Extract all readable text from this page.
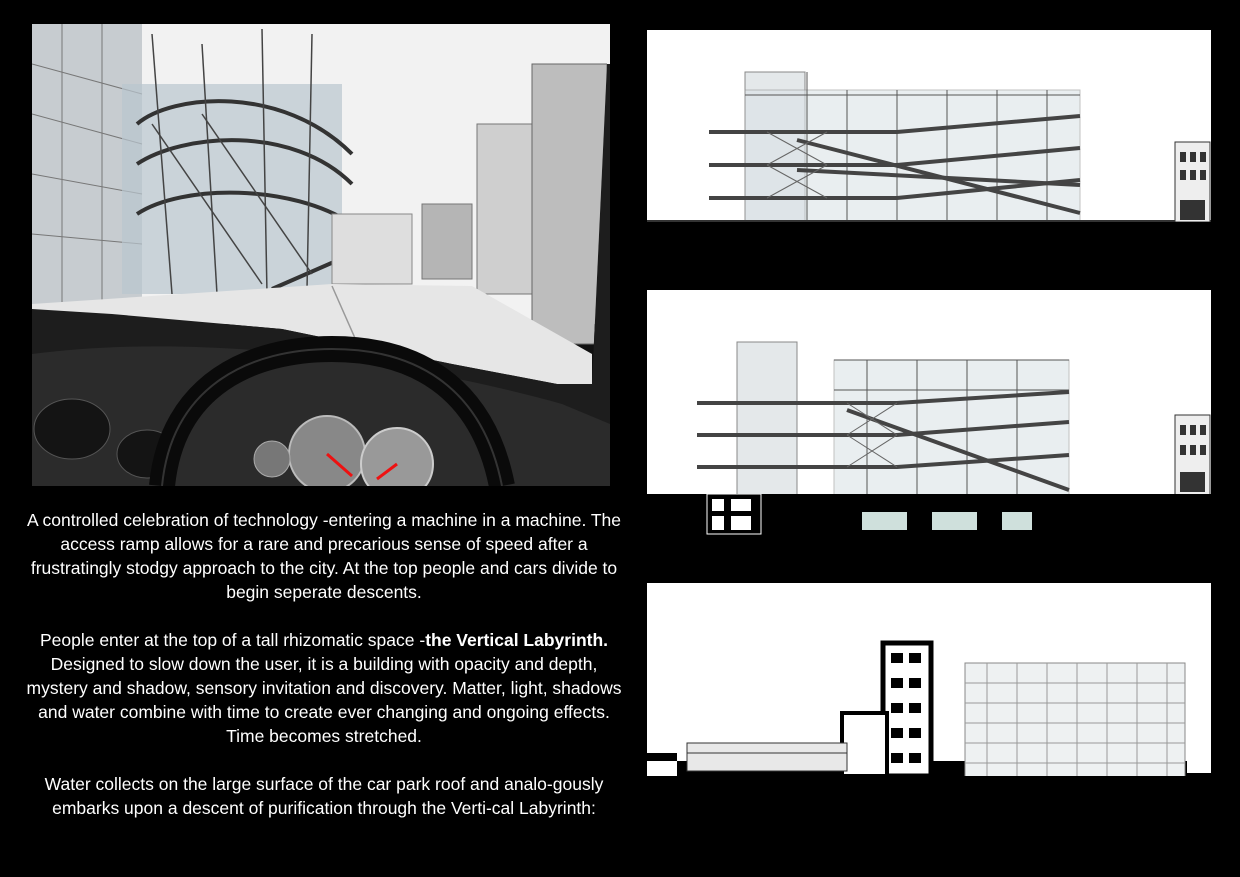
A controlled celebration of technology -entering a machine in a machine. The access ramp allows for a rare and precarious sense of speed after a frustratingly stodgy approach to the city. At the top people and cars divide to begin seperate descents.

People enter at the top of a tall rhizomatic space -the Vertical Labyrinth. Designed to slow down the user, it is a building with opacity and depth, mystery and shadow, sensory invitation and discovery. Matter, light, shadows and water combine with time to create ever changing and ongoing effects. Time becomes stretched.

Water collects on the large surface of the car park roof and analo-gously embarks upon a descent of purification through the Verti-cal Labyrinth:
